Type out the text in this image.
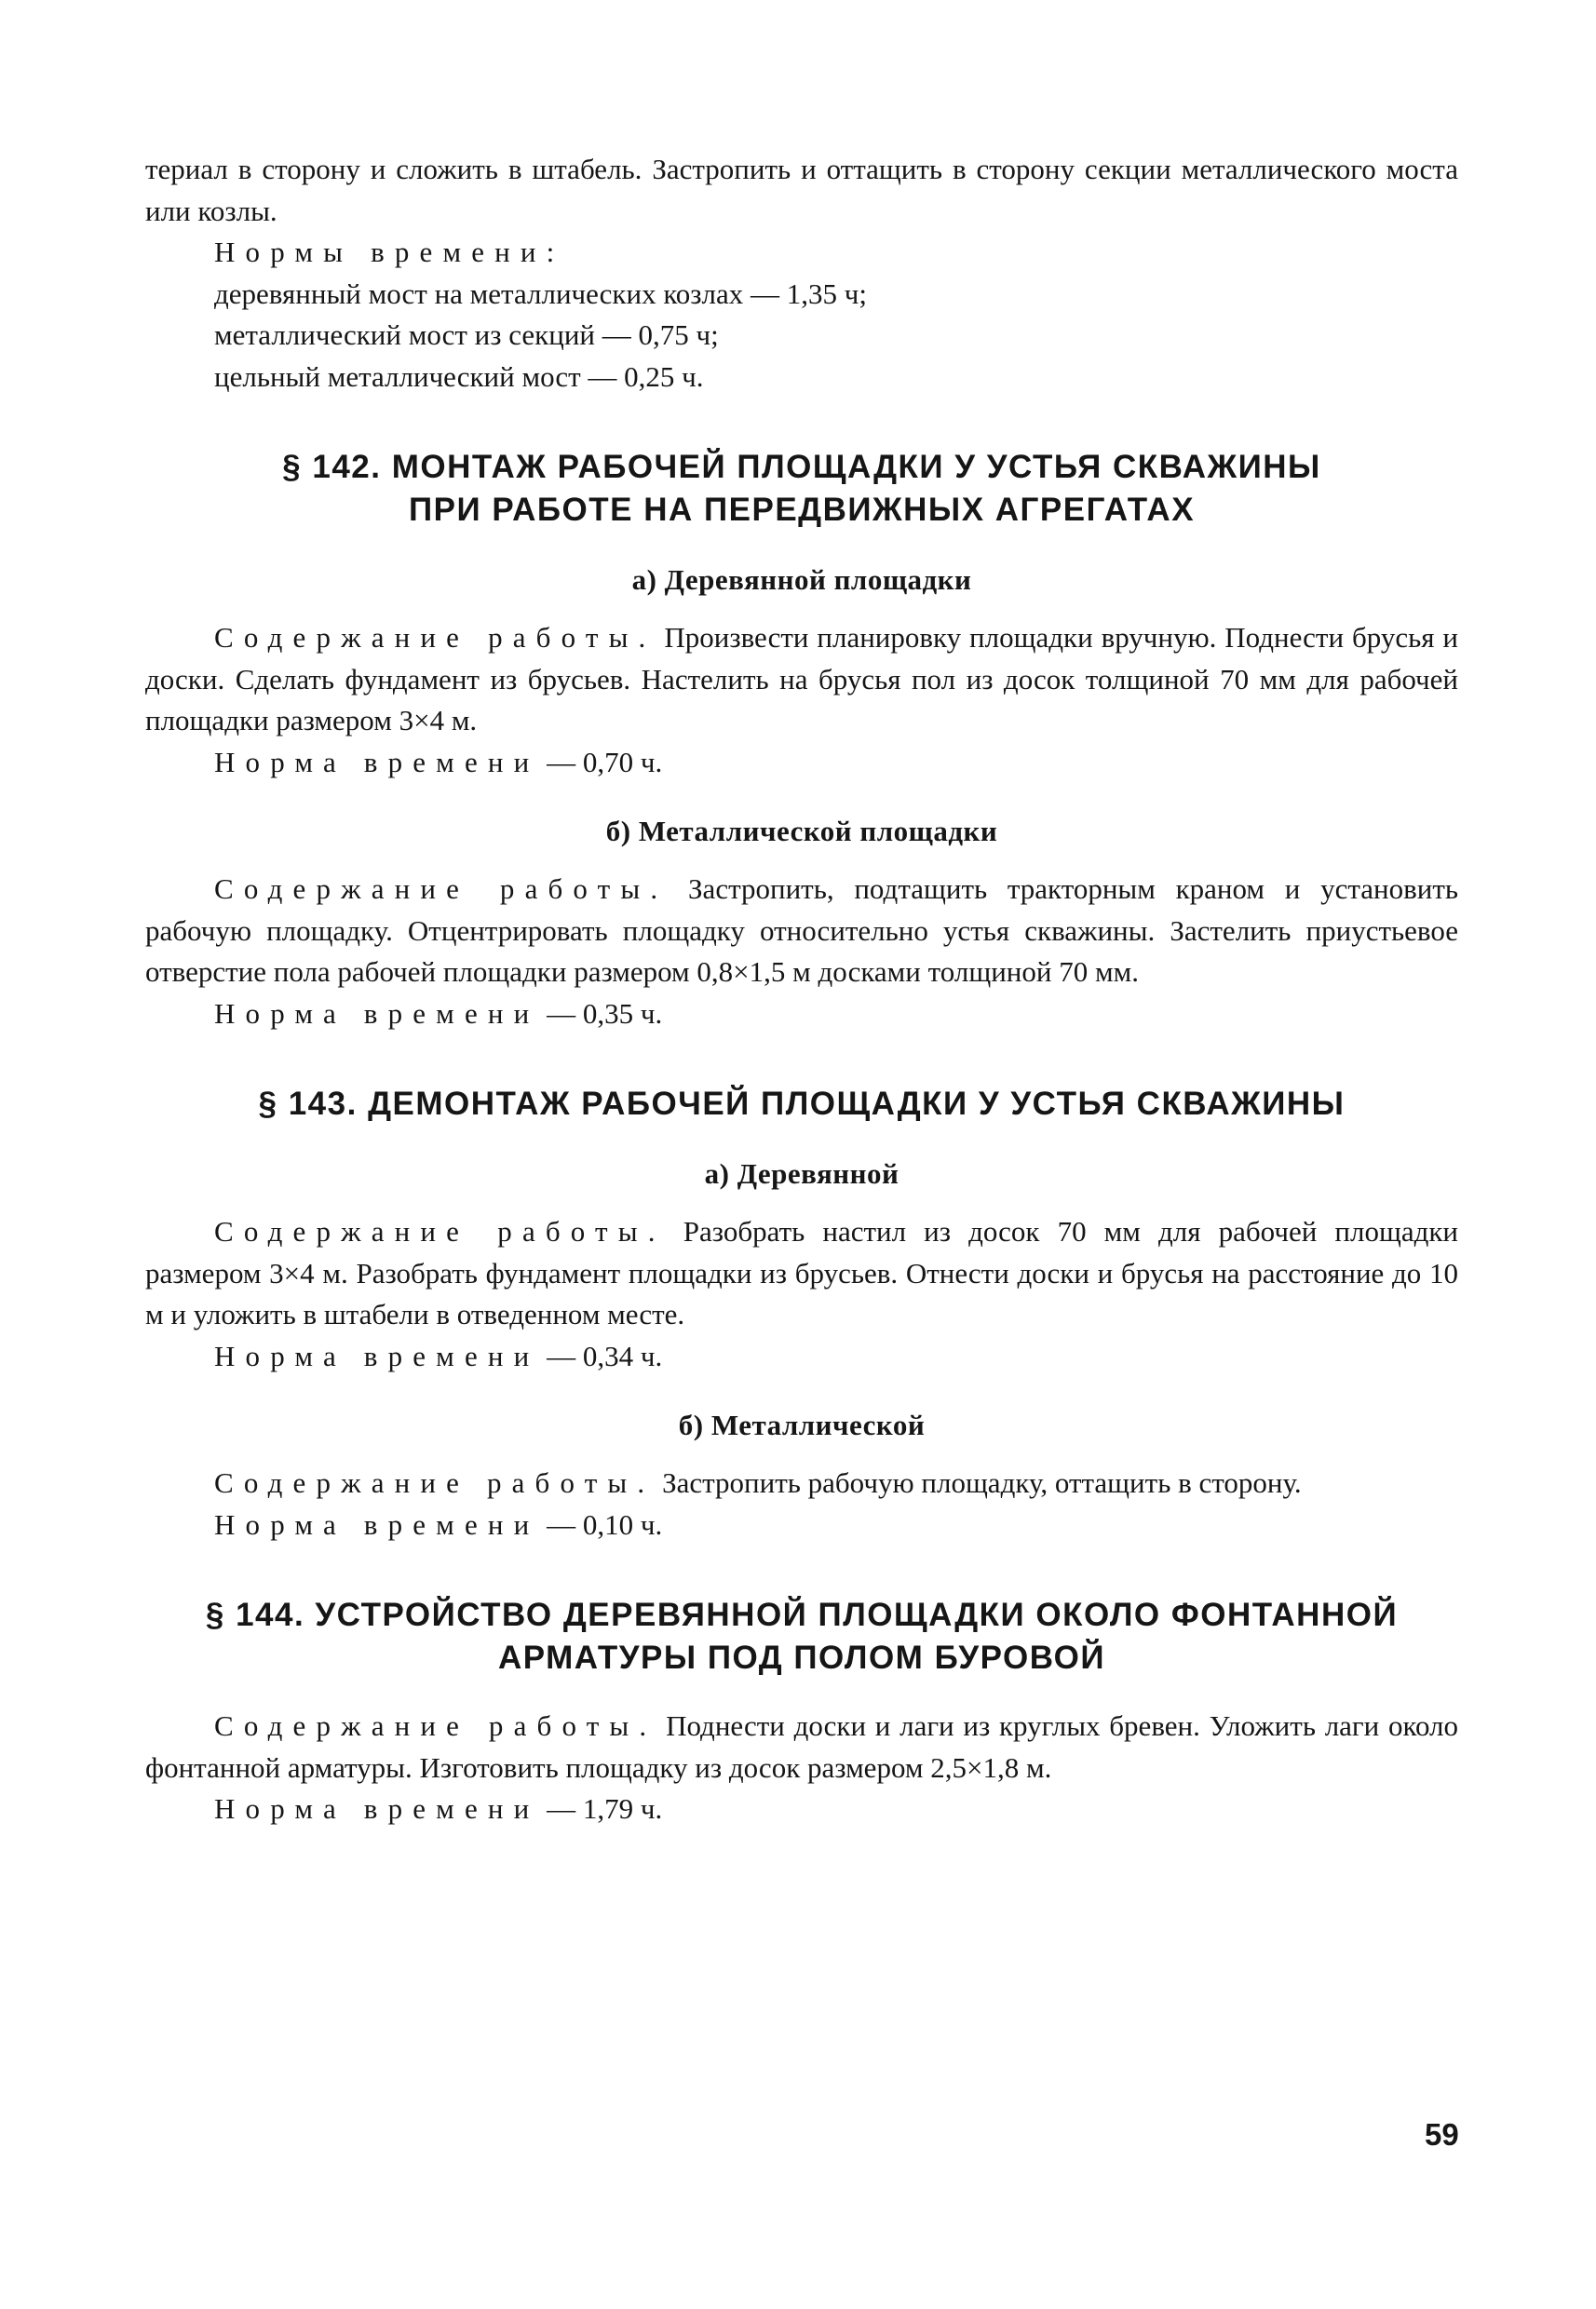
териал в сторону и сложить в штабель. Застропить и оттащить в сторону секции металлического моста или козлы.

Нормы времени:

деревянный мост на металлических козлах — 1,35 ч;

металлический мост из секций — 0,75 ч;

цельный металлический мост — 0,25 ч.

§ 142. МОНТАЖ РАБОЧЕЙ ПЛОЩАДКИ У УСТЬЯ СКВАЖИНЫ
ПРИ РАБОТЕ НА ПЕРЕДВИЖНЫХ АГРЕГАТАХ
а) Деревянной площадки

Содержание работы. Произвести планировку площадки вручную. Поднести брусья и доски. Сделать фундамент из брусьев. Настелить на брусья пол из досок толщиной 70 мм для рабочей площадки размером 3×4 м.

Норма времени — 0,70 ч.

б) Металлической площадки

Содержание работы. Застропить, подтащить тракторным краном и установить рабочую площадку. Отцентрировать площадку относительно устья скважины. Застелить приустьевое отверстие пола рабочей площадки размером 0,8×1,5 м досками толщиной 70 мм.

Норма времени — 0,35 ч.

§ 143. ДЕМОНТАЖ РАБОЧЕЙ ПЛОЩАДКИ У УСТЬЯ СКВАЖИНЫ
а) Деревянной

Содержание работы. Разобрать настил из досок 70 мм для рабочей площадки размером 3×4 м. Разобрать фундамент площадки из брусьев. Отнести доски и брусья на расстояние до 10 м и уложить в штабели в отведенном месте.

Норма времени — 0,34 ч.

б) Металлической

Содержание работы. Застропить рабочую площадку, оттащить в сторону.

Норма времени — 0,10 ч.

§ 144. УСТРОЙСТВО ДЕРЕВЯННОЙ ПЛОЩАДКИ ОКОЛО ФОНТАННОЙ
АРМАТУРЫ ПОД ПОЛОМ БУРОВОЙ

Содержание работы. Поднести доски и лаги из круглых бревен. Уложить лаги около фонтанной арматуры. Изготовить площадку из досок размером 2,5×1,8 м.

Норма времени — 1,79 ч.

59
